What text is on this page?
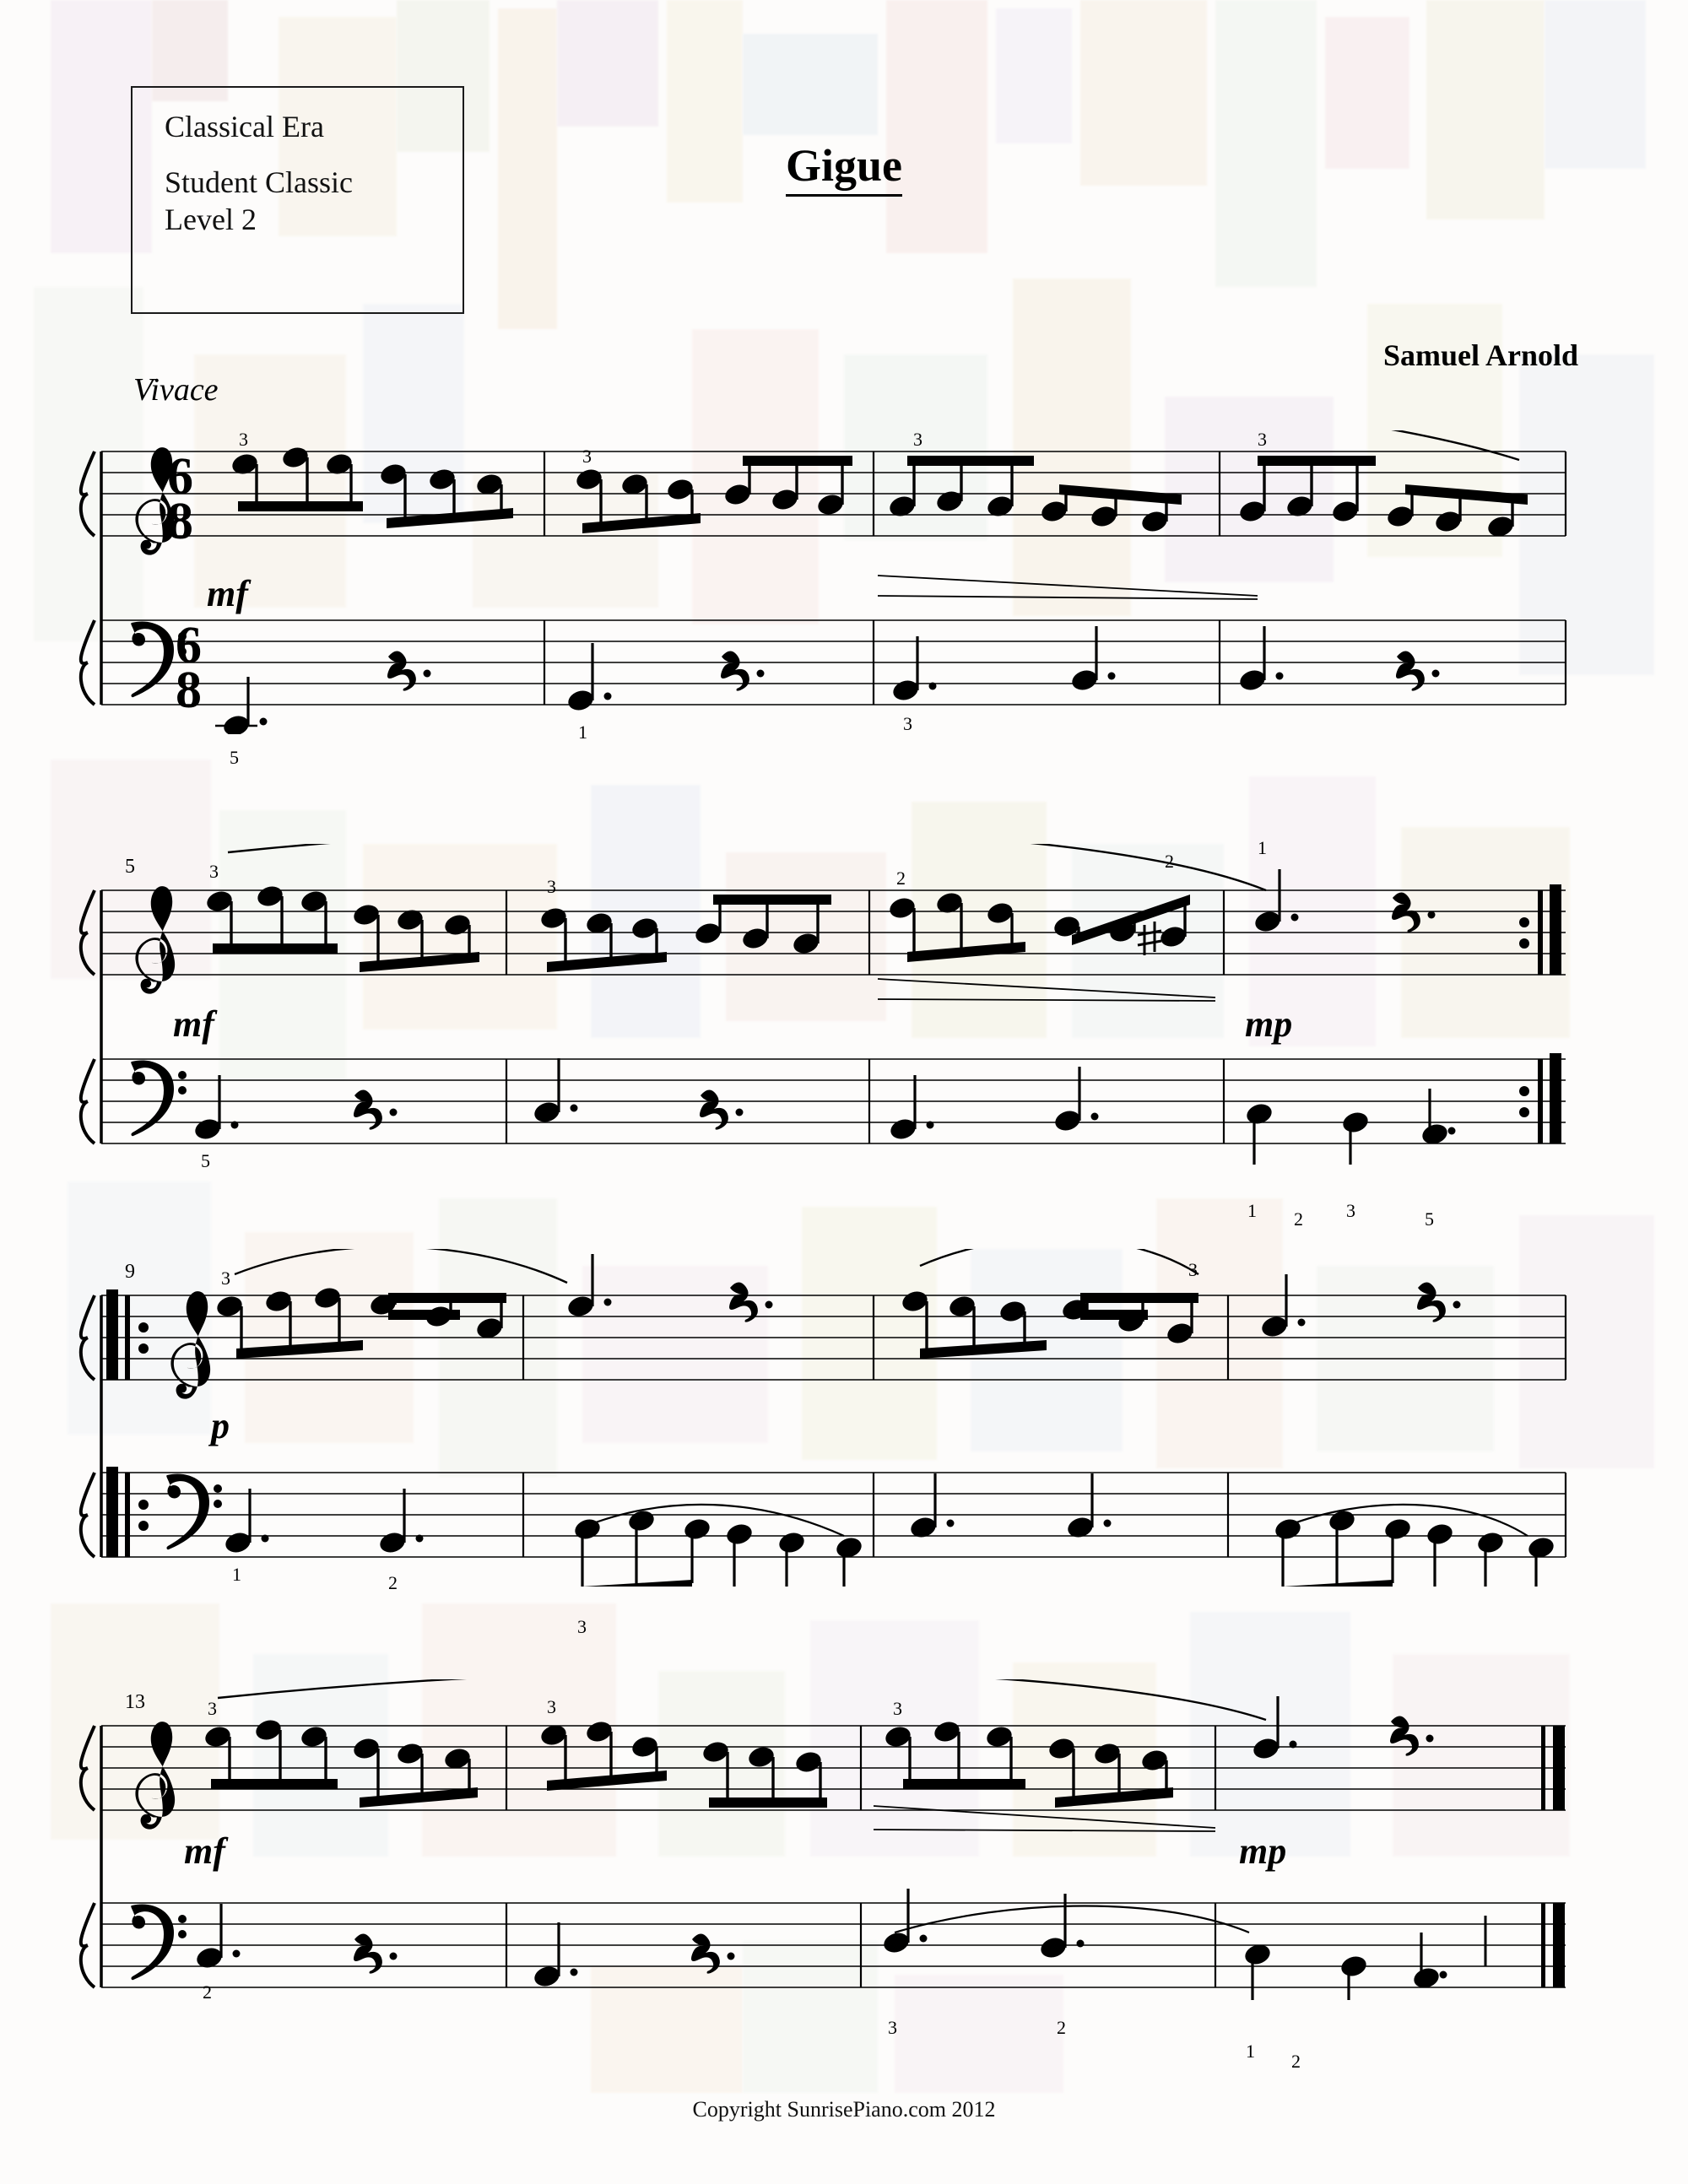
Classical Era
Student Classic
Level 2
Gigue
Samuel Arnold
Vivace
6
8
6
8
mf
3
3
3	3
5
1	3
5
mf	mp
3
3	2
2
1
5
1 2 3	5
9
p
3	3
1	2
3
13
mf	mp
3	3	3
2
3	2
1 2
Copyright SunrisePiano.com 2012
